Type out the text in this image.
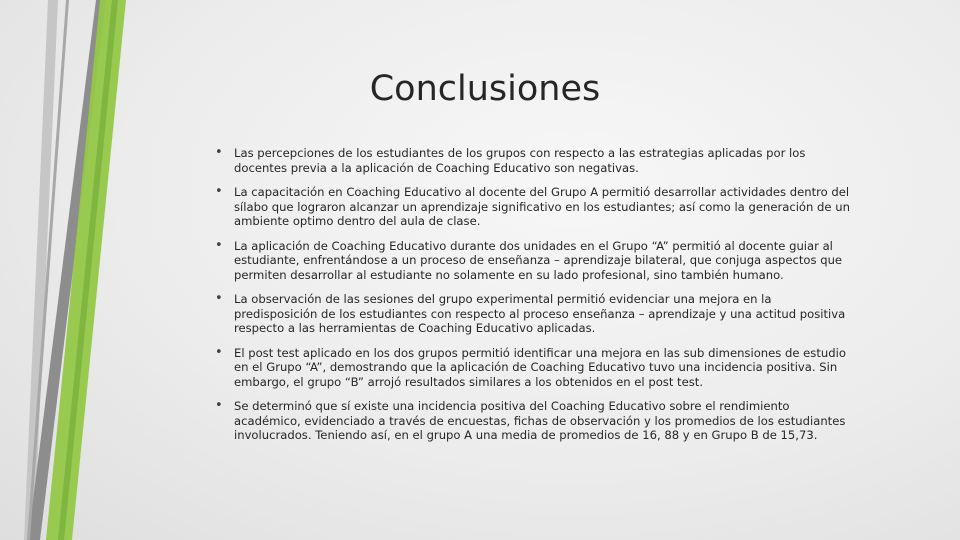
Conclusiones
• Las percepciones de los estudiantes de los grupos con respecto a las estrategias aplicadas por los docentes previa a la aplicación de Coaching Educativo son negativas.
• La capacitación en Coaching Educativo al docente del Grupo A permitió desarrollar actividades dentro del sílabo que lograron alcanzar un aprendizaje significativo en los estudiantes; así como la generación de un ambiente optimo dentro del aula de clase.
• La aplicación de Coaching Educativo durante dos unidades en el Grupo “A” permitió al docente guiar al estudiante, enfrentándose a un proceso de enseñanza – aprendizaje bilateral, que conjuga aspectos que permiten desarrollar al estudiante no solamente en su lado profesional, sino también humano.
• La observación de las sesiones del grupo experimental permitió evidenciar una mejora en la predisposición de los estudiantes con respecto al proceso enseñanza – aprendizaje y una actitud positiva respecto a las herramientas de Coaching Educativo aplicadas.
• El post test aplicado en los dos grupos permitió identificar una mejora en las sub dimensiones de estudio en el Grupo “A”, demostrando que la aplicación de Coaching Educativo tuvo una incidencia positiva. Sin embargo, el grupo “B” arrojó resultados similares a los obtenidos en el post test.
• Se determinó que sí existe una incidencia positiva del Coaching Educativo sobre el rendimiento académico, evidenciado a través de encuestas, fichas de observación y los promedios de los estudiantes involucrados. Teniendo así, en el grupo A una media de promedios de 16, 88 y en Grupo B de 15,73.
